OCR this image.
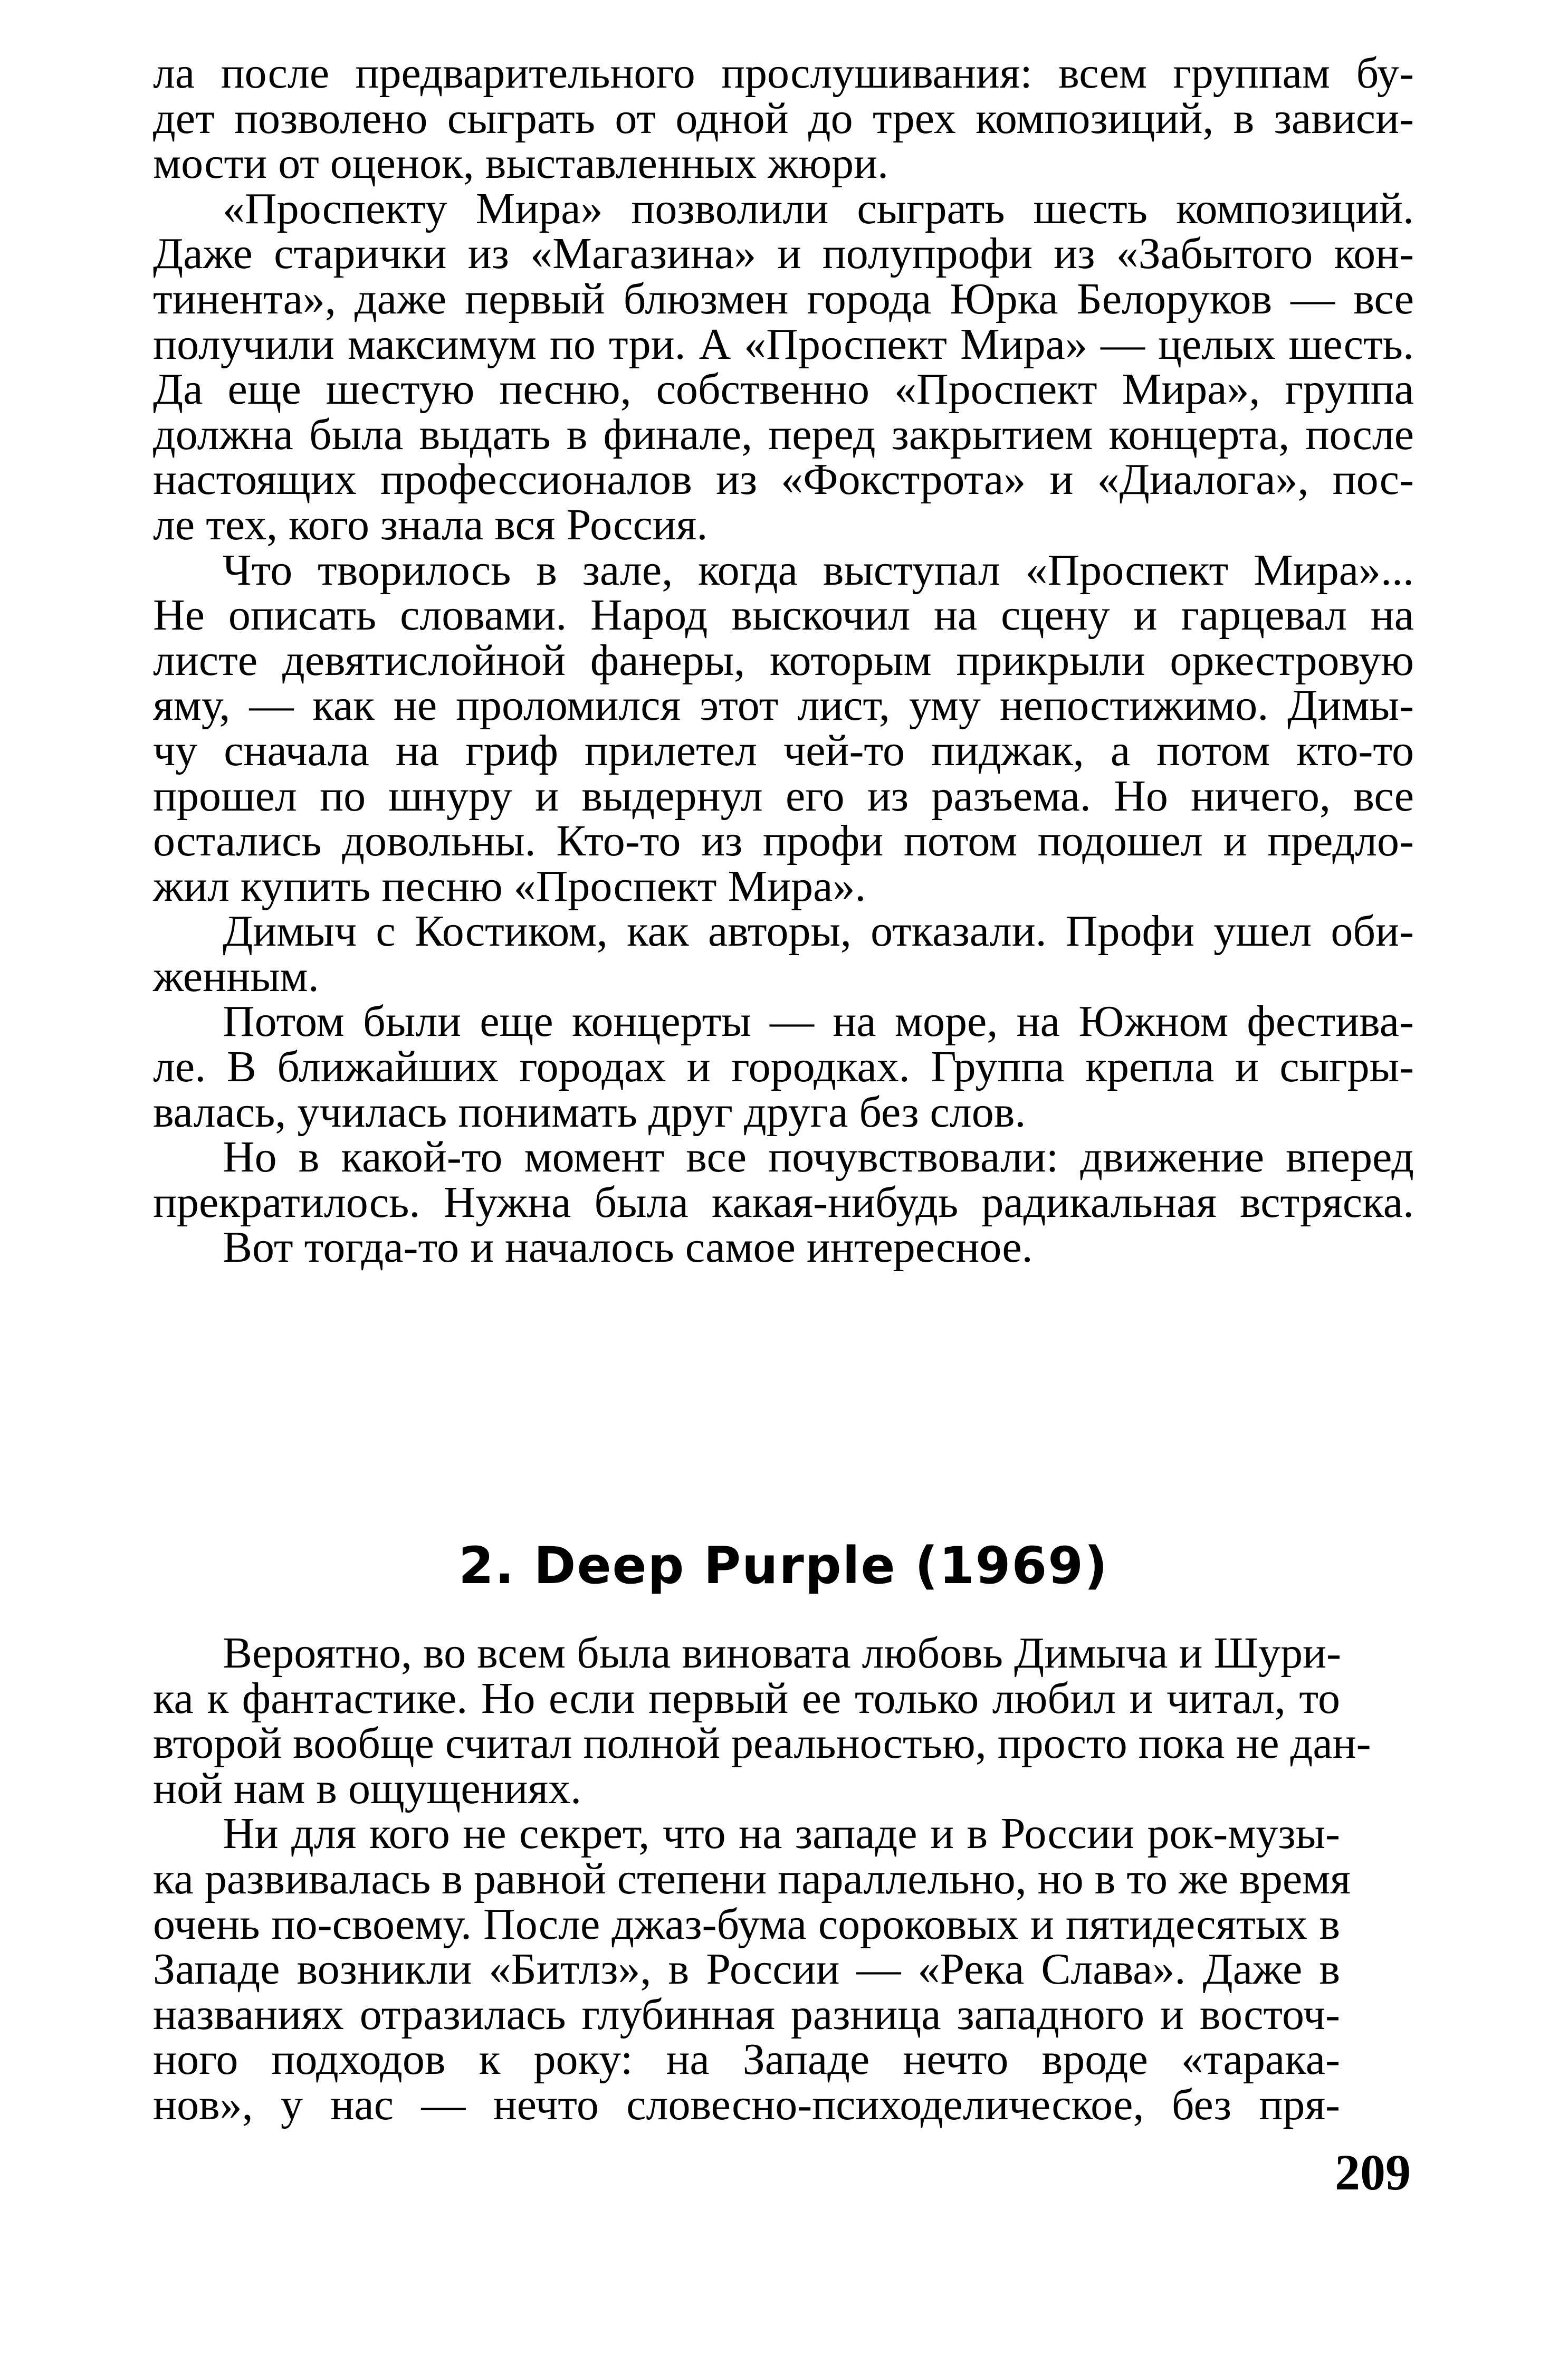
ла после предварительного прослушивания: всем группам бу-
дет позволено сыграть от одной до трех композиций, в зависи-
мости от оценок, выставленных жюри.
«Проспекту Мира» позволили сыграть шесть композиций.
Даже старички из «Магазина» и полупрофи из «Забытого кон-
тинента», даже первый блюзмен города Юрка Белоруков — все
получили максимум по три. А «Проспект Мира» — целых шесть.
Да еще шестую песню, собственно «Проспект Мира», группа
должна была выдать в финале, перед закрытием концерта, после
настоящих профессионалов из «Фокстрота» и «Диалога», пос-
ле тех, кого знала вся Россия.
Что творилось в зале, когда выступал «Проспект Мира»...
Не описать словами. Народ выскочил на сцену и гарцевал на
листе девятислойной фанеры, которым прикрыли оркестровую
яму, — как не проломился этот лист, уму непостижимо. Димы-
чу сначала на гриф прилетел чей-то пиджак, а потом кто-то
прошел по шнуру и выдернул его из разъема. Но ничего, все
остались довольны. Кто-то из профи потом подошел и предло-
жил купить песню «Проспект Мира».
Димыч с Костиком, как авторы, отказали. Профи ушел оби-
женным.
Потом были еще концерты — на море, на Южном фестива-
ле. В ближайших городах и городках. Группа крепла и сыгры-
валась, училась понимать друг друга без слов.
Но в какой-то момент все почувствовали: движение вперед
прекратилось. Нужна была какая-нибудь радикальная встряска.
Вот тогда-то и началось самое интересное.
2. Deep Purple (1969)
Вероятно, во всем была виновата любовь Димыча и Шури-
ка к фантастике. Но если первый ее только любил и читал, то
второй вообще считал полной реальностью, просто пока не дан-
ной нам в ощущениях.
Ни для кого не секрет, что на западе и в России рок-музы-
ка развивалась в равной степени параллельно, но в то же время
очень по-своему. После джаз-бума сороковых и пятидесятых в
Западе возникли «Битлз», в России — «Река Слава». Даже в
названиях отразилась глубинная разница западного и восточ-
ного подходов к року: на Западе нечто вроде «тарака-
нов», у нас — нечто словесно-психоделическое, без пря-
209
